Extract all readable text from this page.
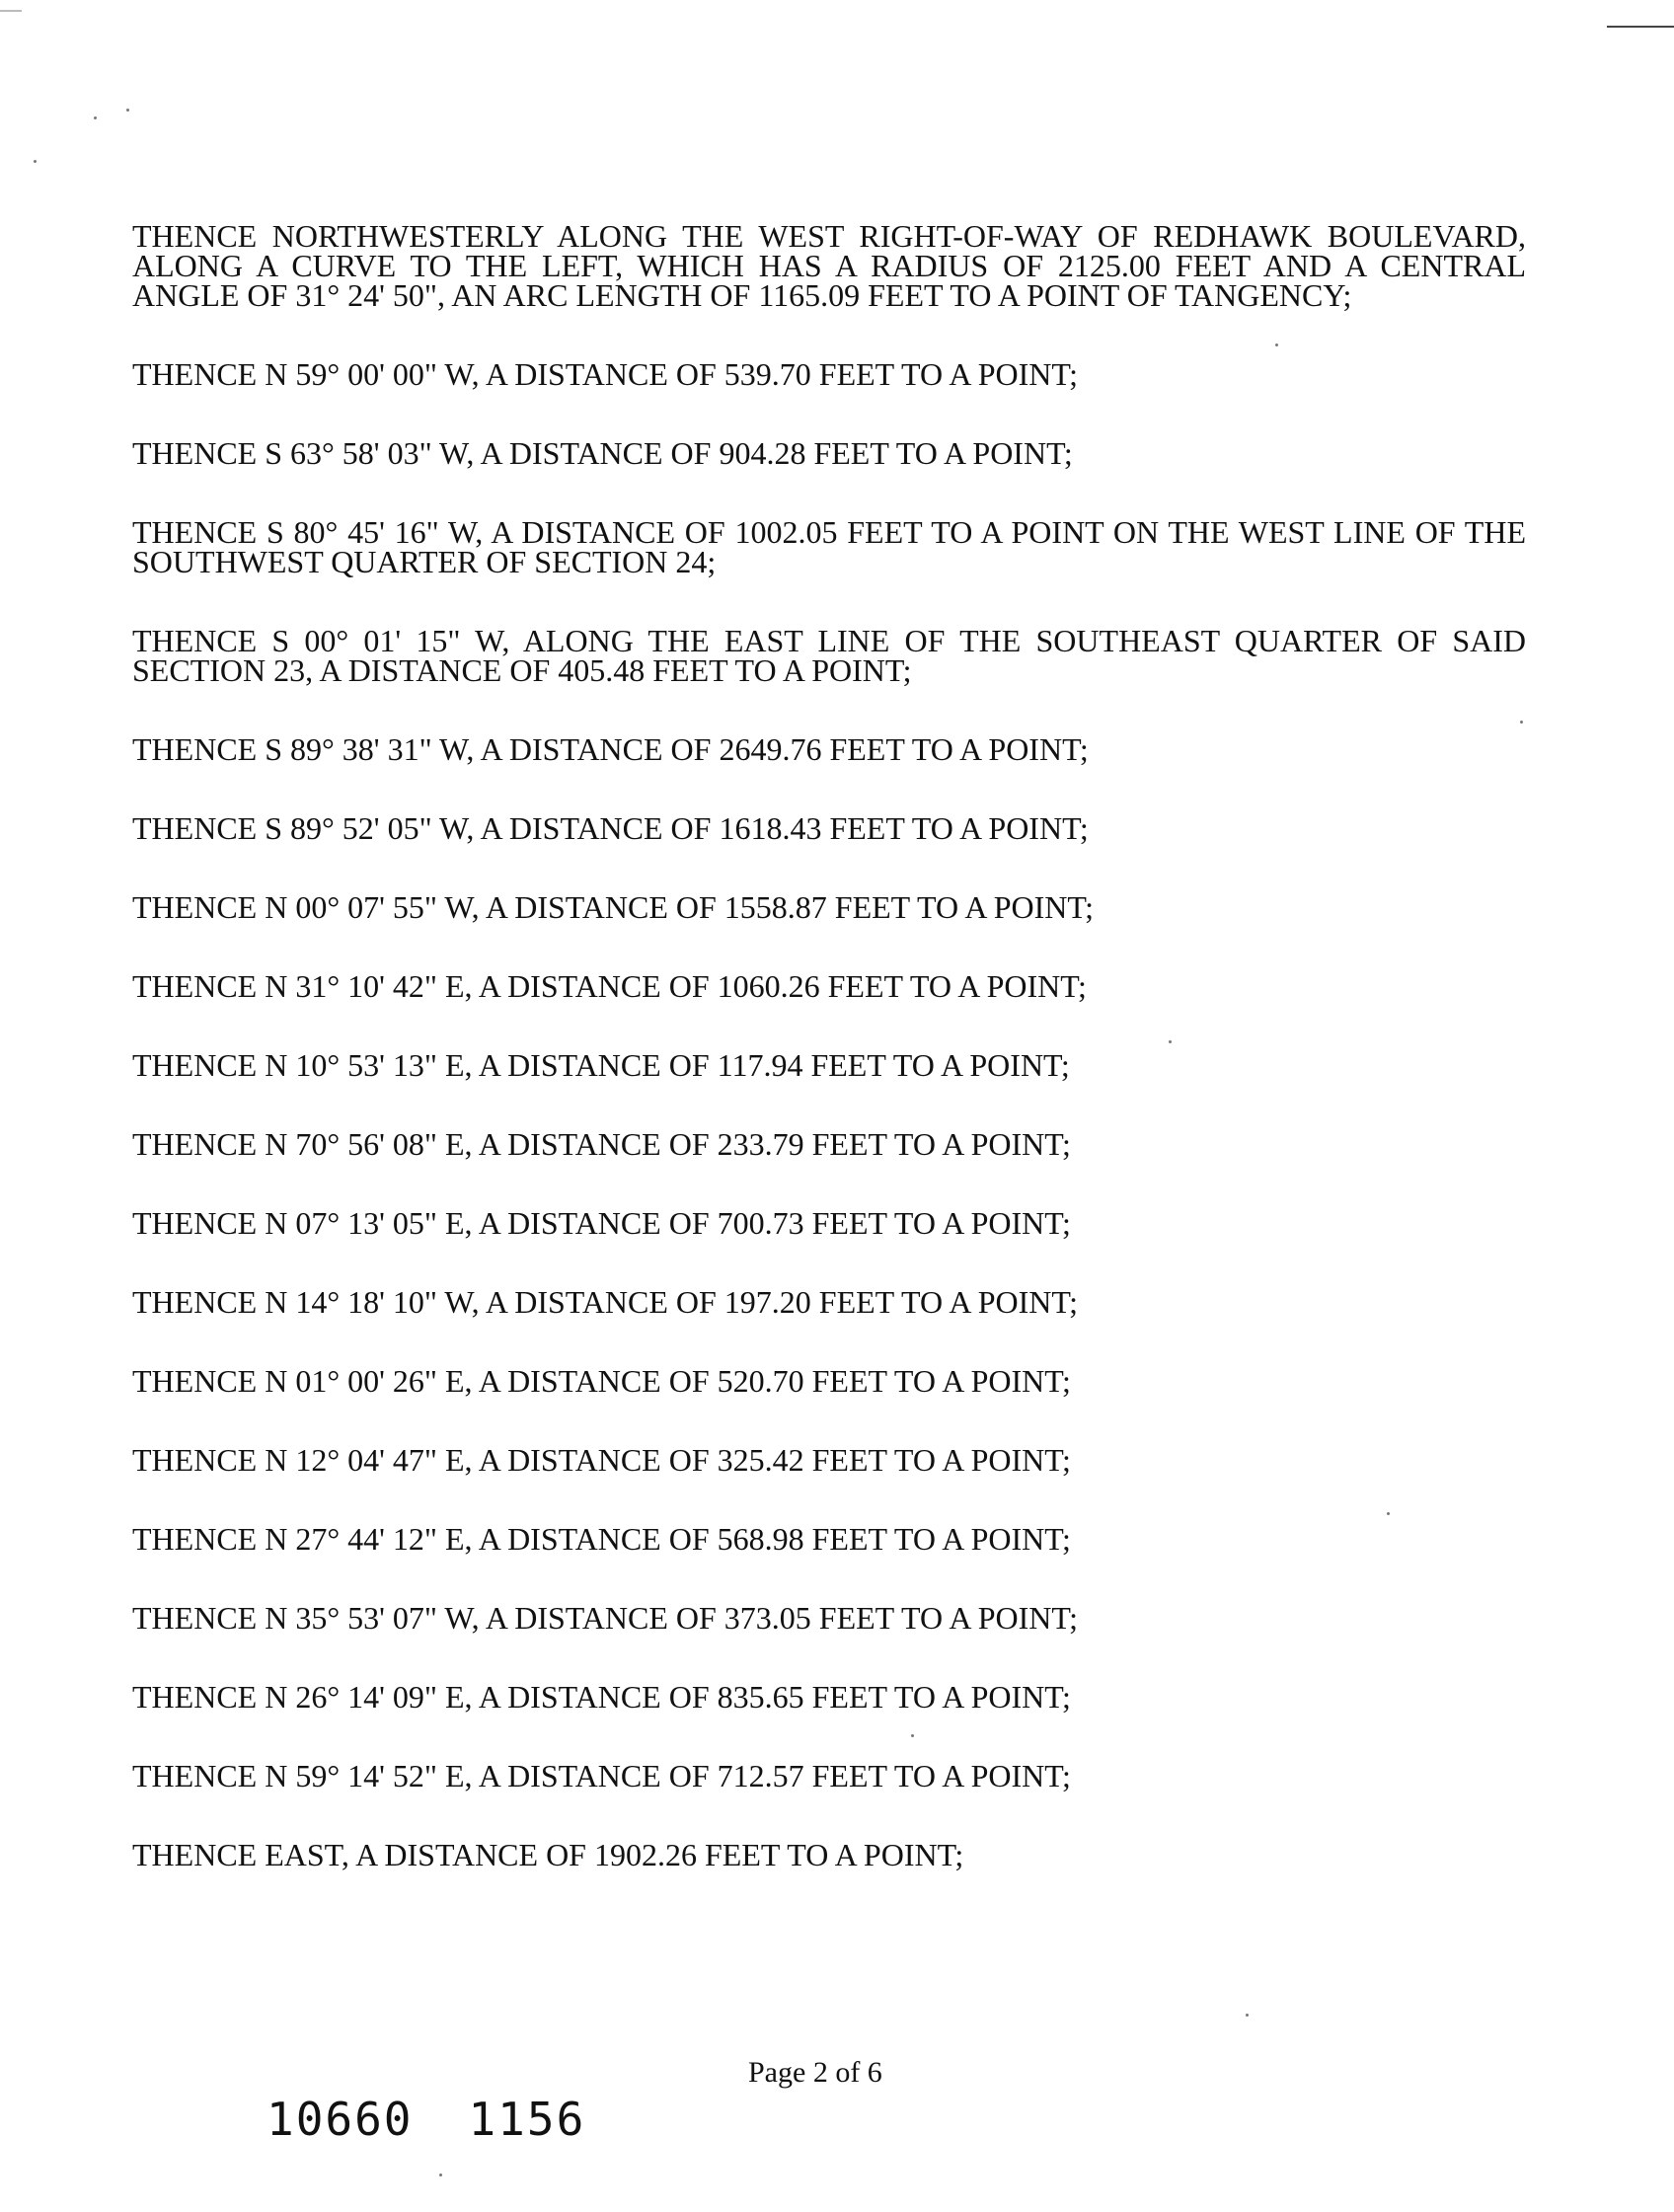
THENCE NORTHWESTERLY ALONG THE WEST RIGHT-OF-WAY OF REDHAWK BOULEVARD, ALONG A CURVE TO THE LEFT, WHICH HAS A RADIUS OF 2125.00 FEET AND A CENTRAL ANGLE OF 31° 24' 50", AN ARC LENGTH OF 1165.09 FEET TO A POINT OF TANGENCY;

THENCE N 59° 00' 00" W, A DISTANCE OF 539.70 FEET TO A POINT;

THENCE S 63° 58' 03" W, A DISTANCE OF 904.28 FEET TO A POINT;

THENCE S 80° 45' 16" W, A DISTANCE OF 1002.05 FEET TO A POINT ON THE WEST LINE OF THE SOUTHWEST QUARTER OF SECTION 24;

THENCE S 00° 01' 15" W, ALONG THE EAST LINE OF THE SOUTHEAST QUARTER OF SAID SECTION 23, A DISTANCE OF 405.48 FEET TO A POINT;

THENCE S 89° 38' 31" W, A DISTANCE OF 2649.76 FEET TO A POINT;

THENCE S 89° 52' 05" W, A DISTANCE OF 1618.43 FEET TO A POINT;

THENCE N 00° 07' 55" W, A DISTANCE OF 1558.87 FEET TO A POINT;

THENCE N 31° 10' 42" E, A DISTANCE OF 1060.26 FEET TO A POINT;

THENCE N 10° 53' 13" E, A DISTANCE OF 117.94 FEET TO A POINT;

THENCE N 70° 56' 08" E, A DISTANCE OF 233.79 FEET TO A POINT;

THENCE N 07° 13' 05" E, A DISTANCE OF 700.73 FEET TO A POINT;

THENCE N 14° 18' 10" W, A DISTANCE OF 197.20 FEET TO A POINT;

THENCE N 01° 00' 26" E, A DISTANCE OF 520.70 FEET TO A POINT;

THENCE N 12° 04' 47" E, A DISTANCE OF 325.42 FEET TO A POINT;

THENCE N 27° 44' 12" E, A DISTANCE OF 568.98 FEET TO A POINT;

THENCE N 35° 53' 07" W, A DISTANCE OF 373.05 FEET TO A POINT;

THENCE N 26° 14' 09" E, A DISTANCE OF 835.65 FEET TO A POINT;

THENCE N 59° 14' 52" E, A DISTANCE OF 712.57 FEET TO A POINT;

THENCE EAST, A DISTANCE OF 1902.26 FEET TO A POINT;

Page 2 of 6
10660 1156
